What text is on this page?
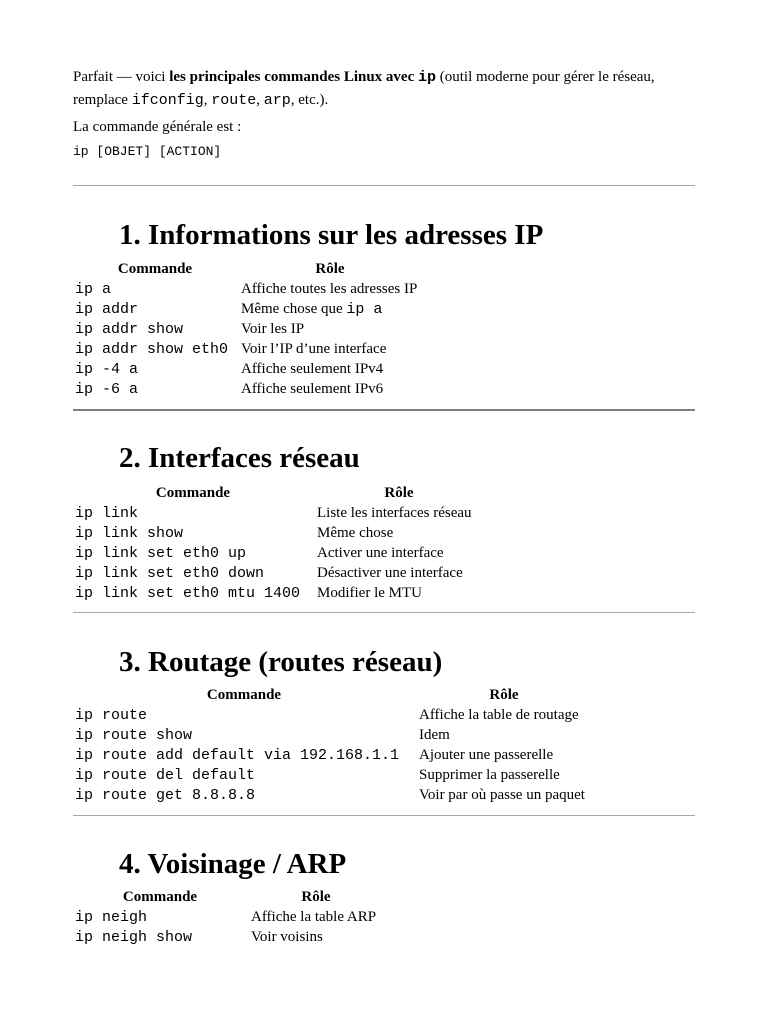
Parfait — voici les principales commandes Linux avec ip (outil moderne pour gérer le réseau, remplace ifconfig, route, arp, etc.).
La commande générale est :
ip [OBJET] [ACTION]
1. Informations sur les adresses IP
Commande	Rôle
ip a	Affiche toutes les adresses IP
ip addr	Même chose que ip a
ip addr show	Voir les IP
ip addr show eth0	Voir l’IP d’une interface
ip -4 a	Affiche seulement IPv4
ip -6 a	Affiche seulement IPv6
2. Interfaces réseau
Commande	Rôle
ip link	Liste les interfaces réseau
ip link show	Même chose
ip link set eth0 up	Activer une interface
ip link set eth0 down	Désactiver une interface
ip link set eth0 mtu 1400	Modifier le MTU
3. Routage (routes réseau)
Commande	Rôle
ip route	Affiche la table de routage
ip route show	Idem
ip route add default via 192.168.1.1	Ajouter une passerelle
ip route del default	Supprimer la passerelle
ip route get 8.8.8.8	Voir par où passe un paquet
4. Voisinage / ARP
Commande	Rôle
ip neigh	Affiche la table ARP
ip neigh show	Voir voisins
